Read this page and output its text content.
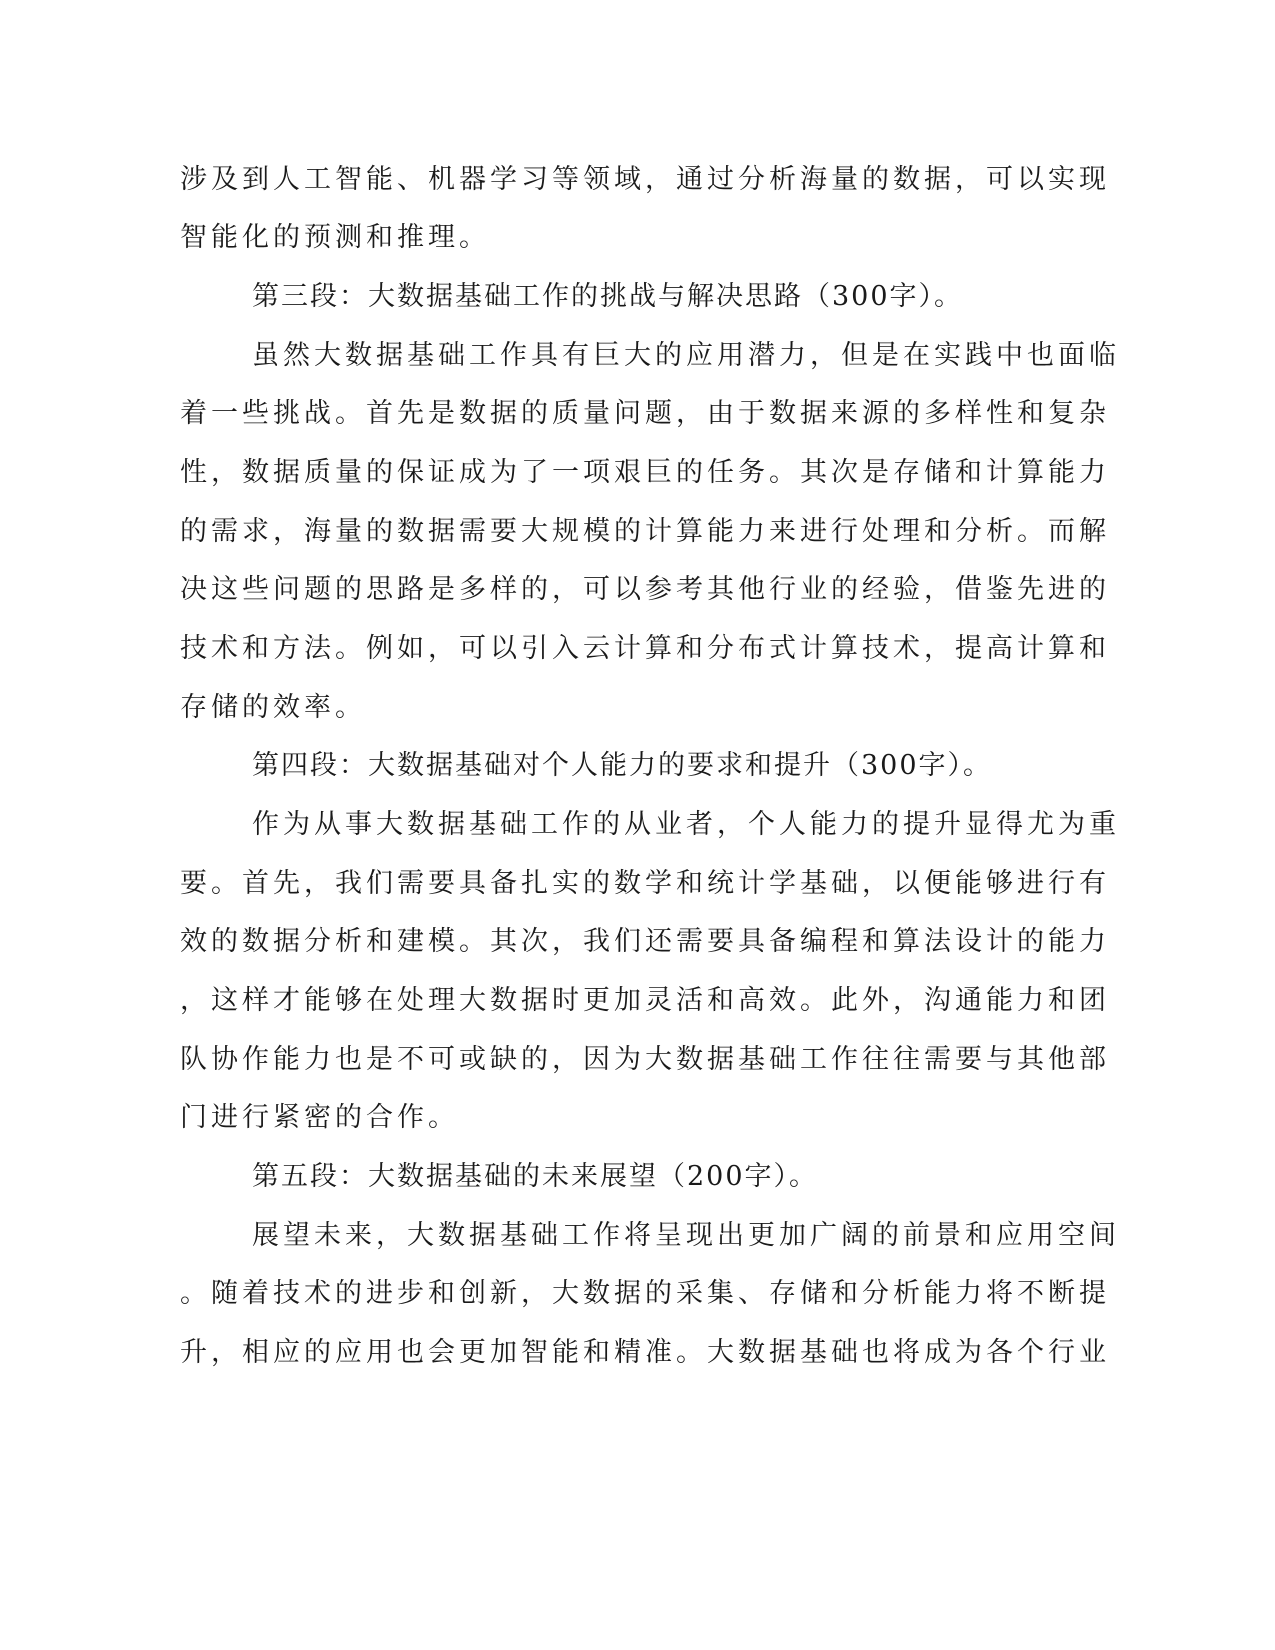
涉及到人工智能、机器学习等领域，通过分析海量的数据，可以实现
智能化的预测和推理。
第三段：大数据基础工作的挑战与解决思路（300字）。
虽然大数据基础工作具有巨大的应用潜力，但是在实践中也面临
着一些挑战。首先是数据的质量问题，由于数据来源的多样性和复杂
性，数据质量的保证成为了一项艰巨的任务。其次是存储和计算能力
的需求，海量的数据需要大规模的计算能力来进行处理和分析。而解
决这些问题的思路是多样的，可以参考其他行业的经验，借鉴先进的
技术和方法。例如，可以引入云计算和分布式计算技术，提高计算和
存储的效率。
第四段：大数据基础对个人能力的要求和提升（300字）。
作为从事大数据基础工作的从业者，个人能力的提升显得尤为重
要。首先，我们需要具备扎实的数学和统计学基础，以便能够进行有
效的数据分析和建模。其次，我们还需要具备编程和算法设计的能力
，这样才能够在处理大数据时更加灵活和高效。此外，沟通能力和团
队协作能力也是不可或缺的，因为大数据基础工作往往需要与其他部
门进行紧密的合作。
第五段：大数据基础的未来展望（200字）。
展望未来，大数据基础工作将呈现出更加广阔的前景和应用空间
。随着技术的进步和创新，大数据的采集、存储和分析能力将不断提
升，相应的应用也会更加智能和精准。大数据基础也将成为各个行业
